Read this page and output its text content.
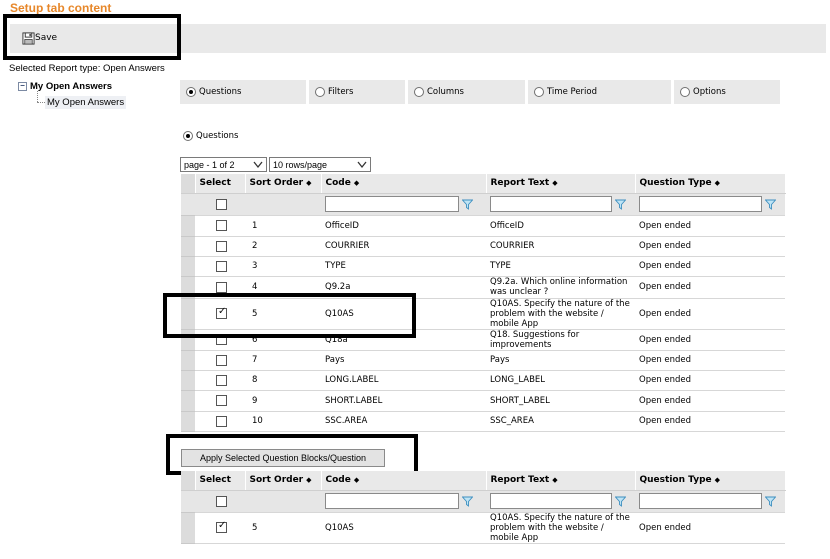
Setup tab content
Save
Selected Report type: Open Answers
− My Open Answers
My Open Answers
Questions	Filters	Columns	Time Period	Options
Questions
page - 1 of 2	10 rows/page
	Select	Sort Order ◆	Code ◆	Report Text ◆	Question Type ◆

		1	OfficeID	OfficeID	Open ended
		2	COURRIER	COURRIER	Open ended
		3	TYPE	TYPE	Open ended
		4	Q9.2a	Q9.2a. Which online information was unclear ?	Open ended
	✓	5	Q10AS	Q10AS. Specify the nature of the problem with the website / mobile App	Open ended
		6	Q18a	Q18. Suggestions for improvements	Open ended
		7	Pays	Pays	Open ended
		8	LONG.LABEL	LONG_LABEL	Open ended
		9	SHORT.LABEL	SHORT_LABEL	Open ended
		10	SSC.AREA	SSC_AREA	Open ended
Apply Selected Question Blocks/Question
	Select	Sort Order ◆	Code ◆	Report Text ◆	Question Type ◆

	✓	5	Q10AS	Q10AS. Specify the nature of the problem with the website / mobile App	Open ended
